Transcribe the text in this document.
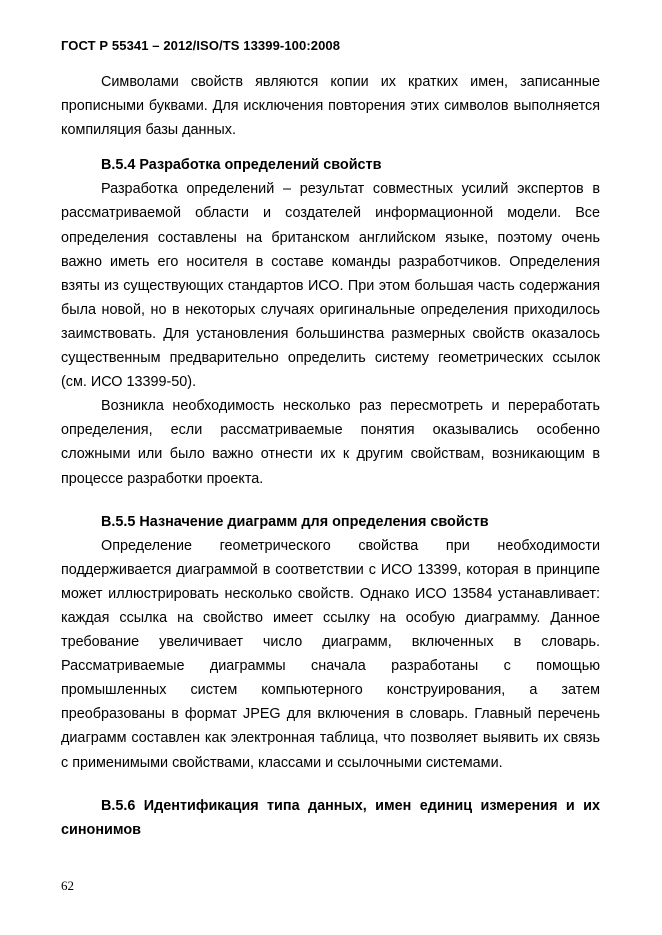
ГОСТ Р 55341 – 2012/ISO/TS 13399-100:2008

Символами свойств являются копии их кратких имен, записанные прописными буквами. Для исключения повторения этих символов выполняется компиляция базы данных.

В.5.4 Разработка определений свойств

Разработка определений – результат совместных усилий экспертов в рассматриваемой области и создателей информационной модели. Все определения составлены на британском английском языке, поэтому очень важно иметь его носителя в составе команды разработчиков. Определения взяты из существующих стандартов ИСО. При этом большая часть содержания была новой, но в некоторых случаях оригинальные определения приходилось заимствовать. Для установления большинства размерных свойств оказалось существенным предварительно определить систему геометрических ссылок (см. ИСО 13399-50).

Возникла необходимость несколько раз пересмотреть и переработать определения, если рассматриваемые понятия оказывались особенно сложными или было важно отнести их к другим свойствам, возникающим в процессе разработки проекта.

В.5.5 Назначение диаграмм для определения свойств

Определение геометрического свойства при необходимости поддерживается диаграммой в соответствии с ИСО 13399, которая в принципе может иллюстрировать несколько свойств. Однако ИСО 13584 устанавливает: каждая ссылка на свойство имеет ссылку на особую диаграмму. Данное требование увеличивает число диаграмм, включенных в словарь. Рассматриваемые диаграммы сначала разработаны с помощью промышленных систем компьютерного конструирования, а затем преобразованы в формат JPEG для включения в словарь. Главный перечень диаграмм составлен как электронная таблица, что позволяет выявить их связь с применимыми свойствами, классами и ссылочными системами.

В.5.6 Идентификация типа данных, имен единиц измерения и их синонимов
62
